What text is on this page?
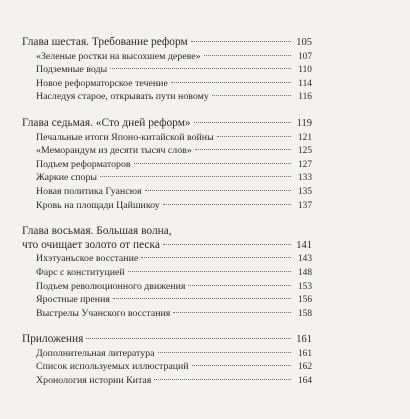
Глава шестая. Требование реформ	105
«Зеленые ростки на высохшем дереве»	107
Подземные воды	110
Новое реформаторское течение	114
Наследуя старое, открывать пути новому	116
Глава седьмая. «Сто дней реформ»	119
Печальные итоги Японо-китайской войны	121
«Меморандум из десяти тысяч слов»	125
Подъем реформаторов	127
Жаркие споры	133
Новая политика Гуансюя	135
Кровь на площади Цайшикоу	137
Глава восьмая. Большая волна,
что очищает золото от песка	141
Ихэтуаньское восстание	143
Фарс с конституцией	148
Подъем революционного движения	153
Яростные прения	156
Выстрелы Учанского восстания	158
Приложения	161
Дополнительная литература	161
Список используемых иллюстраций	162
Хронология истории Китая	164
